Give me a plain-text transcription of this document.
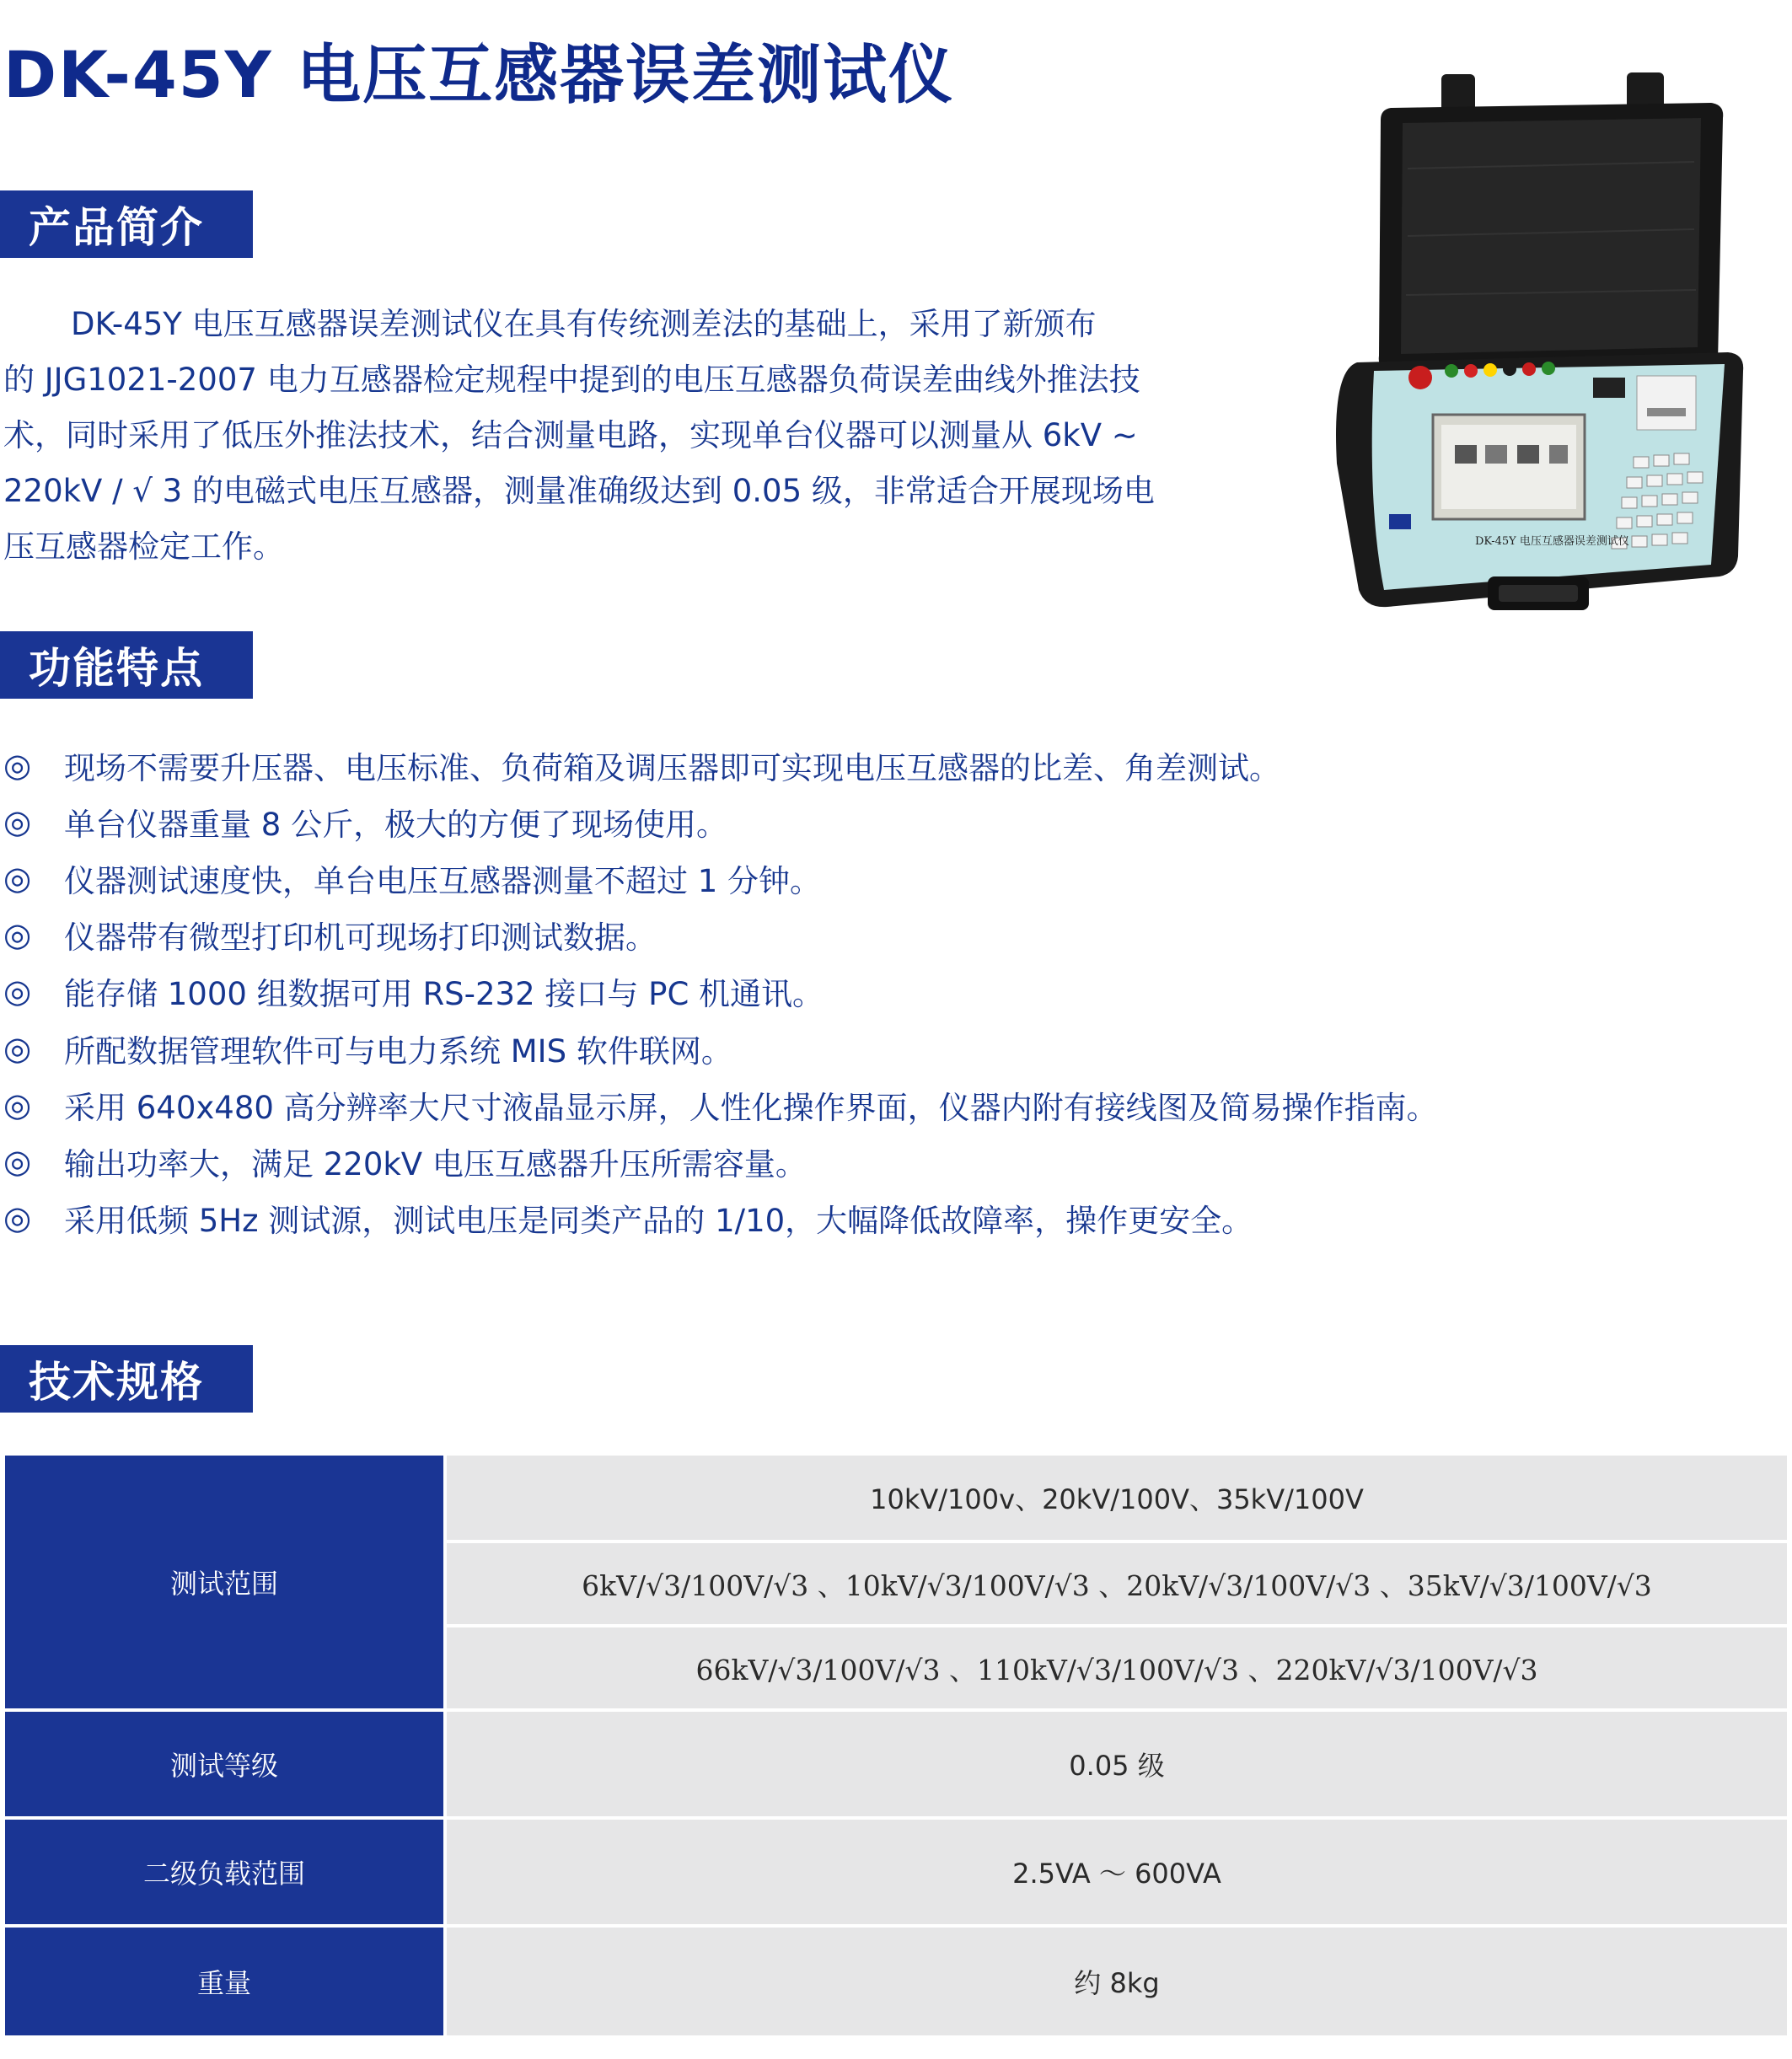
DK-45Y 电压互感器误差测试仪
产品简介
DK-45Y 电压互感器误差测试仪在具有传统测差法的基础上，采用了新颁布
的 JJG1021-2007 电力互感器检定规程中提到的电压互感器负荷误差曲线外推法技
术，同时采用了低压外推法技术，结合测量电路，实现单台仪器可以测量从 6kV ~
220kV / √ 3 的电磁式电压互感器，测量准确级达到 0.05 级，非常适合开展现场电
压互感器检定工作。	DK-45Y 电压互感器误差测试仪
功能特点
◎	现场不需要升压器、电压标准、负荷箱及调压器即可实现电压互感器的比差、角差测试。
◎	单台仪器重量 8 公斤，极大的方便了现场使用。
◎	仪器测试速度快，单台电压互感器测量不超过 1 分钟。
◎	仪器带有微型打印机可现场打印测试数据。
◎	能存储 1000 组数据可用 RS-232 接口与 PC 机通讯。
◎	所配数据管理软件可与电力系统 MIS 软件联网。
◎	采用 640x480 高分辨率大尺寸液晶显示屏，人性化操作界面，仪器内附有接线图及简易操作指南。
◎	输出功率大，满足 220kV 电压互感器升压所需容量。
◎	采用低频 5Hz 测试源，测试电压是同类产品的 1/10，大幅降低故障率，操作更安全。
技术规格
测试范围
10kV/100v、20kV/100V、35kV/100V
6kV/√3/100V/√3 、10kV/√3/100V/√3 、20kV/√3/100V/√3 、35kV/√3/100V/√3
66kV/√3/100V/√3 、110kV/√3/100V/√3 、220kV/√3/100V/√3
测试等级	0.05 级
二级负载范围	2.5VA ～ 600VA
重量	约 8kg
